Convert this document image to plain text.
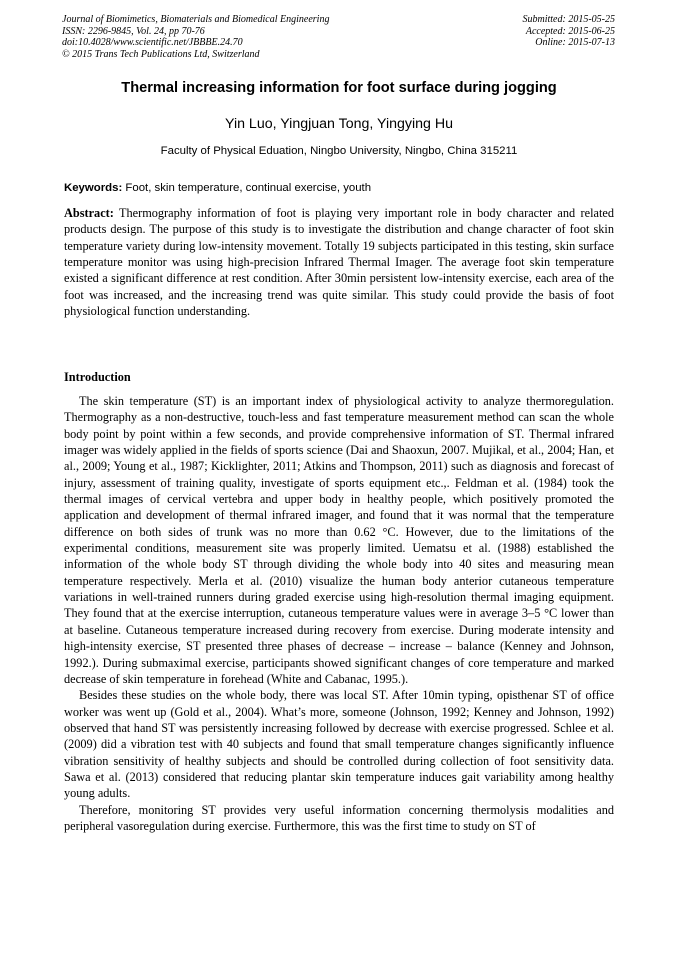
Journal of Biomimetics, Biomaterials and Biomedical Engineering
ISSN: 2296-9845, Vol. 24, pp 70-76
doi:10.4028/www.scientific.net/JBBBE.24.70
© 2015 Trans Tech Publications Ltd, Switzerland
Submitted: 2015-05-25
Accepted: 2015-06-25
Online: 2015-07-13
Thermal increasing information for foot surface during jogging
Yin Luo, Yingjuan Tong, Yingying Hu
Faculty of Physical Eduation, Ningbo University, Ningbo, China 315211
Keywords: Foot, skin temperature, continual exercise, youth
Abstract: Thermography information of foot is playing very important role in body character and related products design. The purpose of this study is to investigate the distribution and change character of foot skin temperature variety during low-intensity movement. Totally 19 subjects participated in this testing, skin surface temperature monitor was using high-precision Infrared Thermal Imager. The average foot skin temperature existed a significant difference at rest condition. After 30min persistent low-intensity exercise, each area of the foot was increased, and the increasing trend was quite similar. This study could provide the basis of foot physiological function understanding.
Introduction

The skin temperature (ST) is an important index of physiological activity to analyze thermoregulation. Thermography as a non-destructive, touch-less and fast temperature measurement method can scan the whole body point by point within a few seconds, and provide comprehensive information of ST. Thermal infrared imager was widely applied in the fields of sports science (Dai and Shaoxun, 2007. Mujikal, et al., 2004; Han, et al., 2009; Young et al., 1987; Kicklighter, 2011; Atkins and Thompson, 2011) such as diagnosis and forecast of injury, assessment of training quality, investigate of sports equipment etc.,. Feldman et al. (1984) took the thermal images of cervical vertebra and upper body in healthy people, which positively promoted the application and development of thermal infrared imager, and found that it was normal that the temperature difference on both sides of trunk was no more than 0.62 °C. However, due to the limitations of the experimental conditions, measurement site was properly limited. Uematsu et al. (1988) established the information of the whole body ST through dividing the whole body into 40 sites and measuring mean temperature respectively. Merla et al. (2010) visualize the human body anterior cutaneous temperature variations in well-trained runners during graded exercise using high-resolution thermal imaging equipment. They found that at the exercise interruption, cutaneous temperature values were in average 3–5 °C lower than at baseline. Cutaneous temperature increased during recovery from exercise. During moderate intensity and high-intensity exercise, ST presented three phases of decrease – increase – balance (Kenney and Johnson, 1992.). During submaximal exercise, participants showed significant changes of core temperature and marked decrease of skin temperature in forehead (White and Cabanac, 1995.).

Besides these studies on the whole body, there was local ST. After 10min typing, opisthenar ST of office worker was went up (Gold et al., 2004). What’s more, someone (Johnson, 1992; Kenney and Johnson, 1992) observed that hand ST was persistently increasing followed by decrease with exercise progressed. Schlee et al. (2009) did a vibration test with 40 subjects and found that small temperature changes significantly influence vibration sensitivity of healthy subjects and should be controlled during collection of foot sensitivity data. Sawa et al. (2013) considered that reducing plantar skin temperature induces gait variability among healthy young adults.

Therefore, monitoring ST provides very useful information concerning thermolysis modalities and peripheral vasoregulation during exercise. Furthermore, this was the first time to study on ST of
